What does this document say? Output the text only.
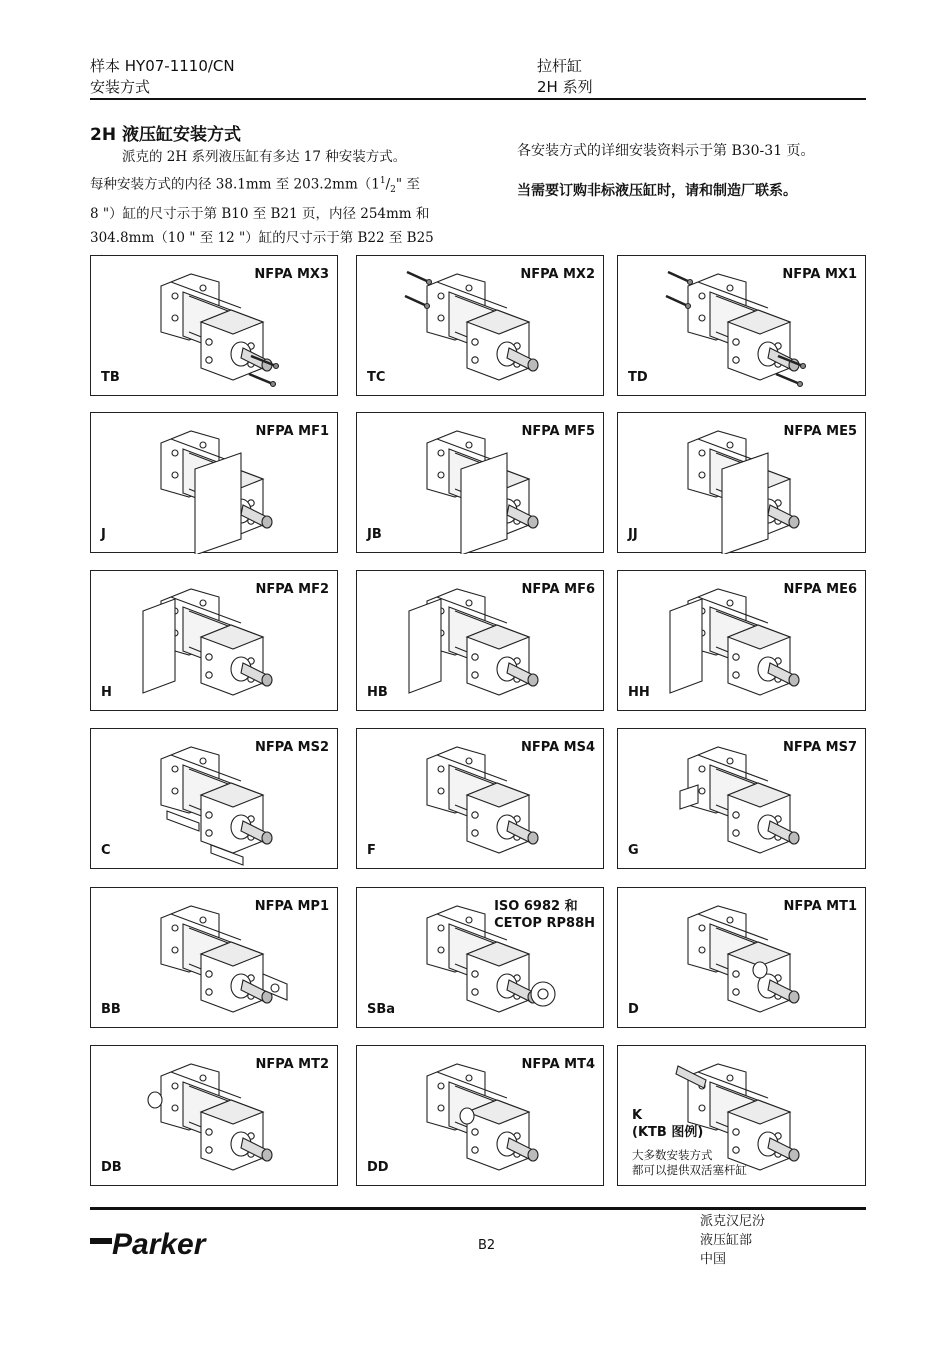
样本 HY07-1110/CN
安装方式
拉杆缸
2H 系列
2H 液压缸安装方式
派克的 2H 系列液压缸有多达 17 种安装方式。
每种安装方式的内径 38.1mm 至 $203.2mm(1^1/_2$" 至
8 "）缸的尺寸示于第 B10 至 B21 页，内径 254mm 和
304.8mm（10 " 至 12 "）缸的尺寸示于第 B22 至 B25

各安装方式的详细安装资料示于第 B30-31 页。
当需要订购非标液压缸时，请和制造厂联系。
NFPA MX3
TB
NFPA MX2
TC
NFPA MX1
TD
NFPA MF1
J
NFPA MF5
JB
NFPA ME5
JJ
NFPA MF2
H
NFPA MF6
HB
NFPA ME6
HH
NFPA MS2
C
NFPA MS4
F
NFPA MS7
G
NFPA MP1
BB
ISO 6982 和
CETOP RP88H
SBa
NFPA MT1
D
NFPA MT2
DB
NFPA MT4
DD
K
(KTB 图例)
大多数安装方式
都可以提供双活塞杆缸
Parker	B2
派克汉尼汾
液压缸部
中国
